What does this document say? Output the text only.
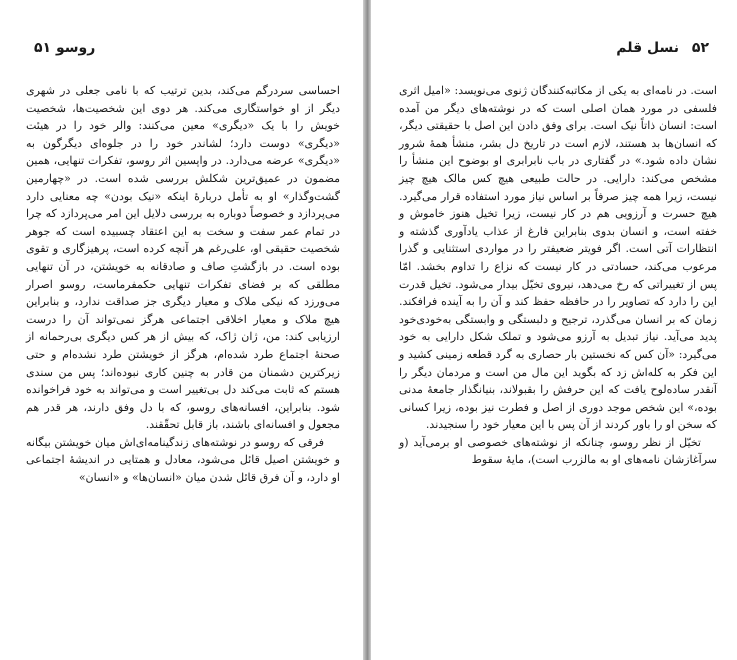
روسو ۵۱

احساسی سردرگم می‌کند، بدین ترتیب که با نامی جعلی در شهری دیگر از او خواستگاری می‌کند. هر دوی این شخصیت‌ها، شخصیت خویش را با یک «دیگری» معین می‌کنند: والر خود را در هیئت «دیگری» دوست دارد؛ لشاندر خود را در جلوه‌ای دیگرگون به «دیگری» عرضه می‌دارد. در واپسین اثر روسو، تفکرات تنهایی، همین مضمون در عمیق‌ترین شکلش بررسی شده است. در «چهارمین گشت‌وگذار» او به تأمل دربارهٔ اینکه «نیک بودن» چه معنایی دارد می‌پردازد و خصوصاً دوباره به بررسی دلایل این امر می‌پردازد که چرا در تمام عمر سفت و سخت به این اعتقاد چسبیده است که جوهر شخصیت حقیقی او، علی‌رغم هر آنچه کرده است، پرهیزگاری و تقوی بوده است. در بازگشتِ صاف و صادقانه به خویشتن، در آن تنهایی مطلقی که بر فضای تفکرات تنهایی حکمفرماست، روسو اصرار می‌ورزد که نیکی ملاک و معیار دیگری جز صداقت ندارد، و بنابراین هیچ ملاک و معیار اخلاقی اجتماعی هرگز نمی‌تواند آن را درست ارزیابی کند: من، ژان ژاک، که بیش از هر کس دیگری بی‌رحمانه از صحنهٔ اجتماع طرد شده‌ام، هرگز از خویشتن طرد نشده‌ام و حتی زیرکترین دشمنان من قادر به چنین کاری نبوده‌اند؛ پس من سندی هستم که ثابت می‌کند دل بی‌تغییر است و می‌تواند به خود فراخوانده شود. بنابراین، افسانه‌های روسو، که با دل وفق دارند، هر قدر هم مجعول و افسانه‌ای باشند، باز قابل تحقّقند.

فرقی که روسو در نوشته‌های زندگینامه‌ای‌اش میان خویشتن بیگانه و خویشتن اصیل قائل می‌شود، معادل و همتایی در اندیشهٔ اجتماعی او دارد، و آن فرق قائل شدن میان «انسان‌ها» و «انسان»

۵۲ نسل قلم

است. در نامه‌ای به یکی از مکاتبه‌کنندگان ژنوی می‌نویسد: «امیل اثری فلسفی در مورد همان اصلی است که در نوشته‌های دیگر من آمده است: انسان ذاتاً نیک است. برای وفق دادن این اصل با حقیقتی دیگر، که انسان‌ها بد هستند، لازم است در تاریخ دل بشر، منشأ همهٔ شرور نشان داده شود.» در گفتاری در باب نابرابری او بوضوح این منشأ را مشخص می‌کند: دارایی. در حالت طبیعی هیچ کس مالک هیچ چیز نیست، زیرا همه چیز صرفاً بر اساس نیاز مورد استفاده قرار می‌گیرد. هیچ حسرت و آرزویی هم در کار نیست، زیرا تخیل هنوز خاموش و خفته است، و انسان بدوی بنابراین فارغ از عذاب یادآوری گذشته و انتظارات آتی است. اگر فویتر ضعیفتر را در مواردی استثنایی و گذرا مرعوب می‌کند، حسادتی در کار نیست که نزاع را تداوم بخشد. امّا پس از تغییراتی که رخ می‌دهد، نیروی تخیّل بیدار می‌شود. تخیل قدرت این را دارد که تصاویر را در حافظه حفظ کند و آن را به آینده فرافکند. زمان که بر انسان می‌گذرد، ترجیح و دلبستگی و وابستگی به‌خودی‌خود پدید می‌آید. نیاز تبدیل به آرزو می‌شود و تملک شکل دارایی به خود می‌گیرد: «آن کس که نخستین بار حصاری به گرد قطعه زمینی کشید و این فکر به کله‌اش زد که بگوید این مال من است و مردمان دیگر را آنقدر ساده‌لوح یافت که این حرفش را بقبولاند، بنیانگذار جامعهٔ مدنی بوده،» این شخص موجد دوری از اصل و فطرت نیز بوده، زیرا کسانی که سخن او را باور کردند از آن پس با این معیار خود را سنجیدند.

تخیّل از نظر روسو، چنانکه از نوشته‌های خصوصی او برمی‌آید (و سرآغازشان نامه‌های او به مالزرب است)، مایهٔ سقوط
